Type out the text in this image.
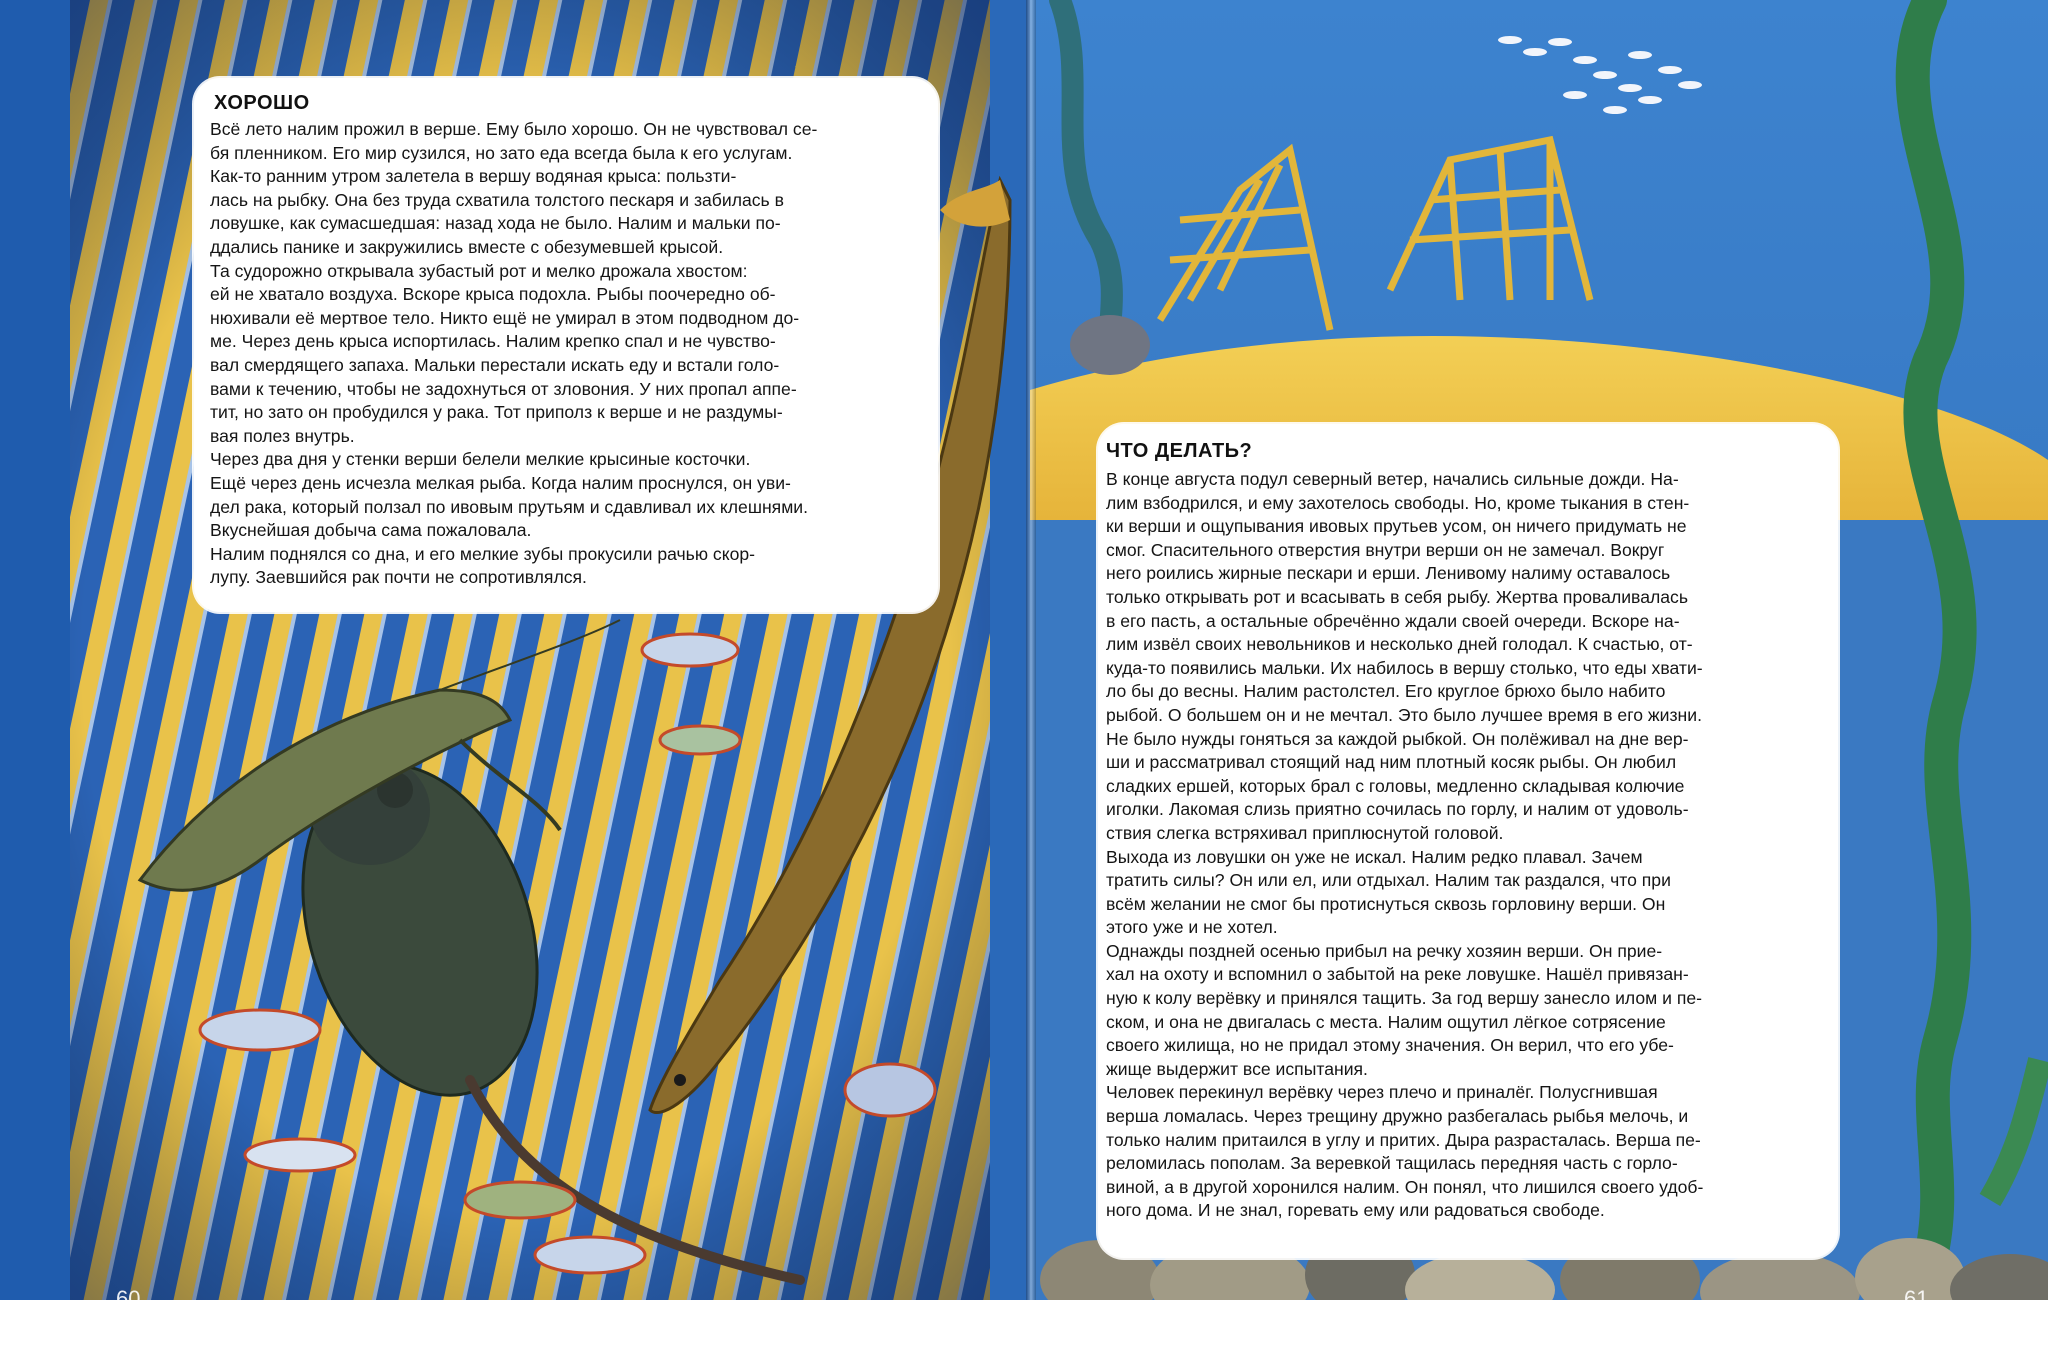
ХОРОШО
Всё лето налим прожил в верше. Ему было хорошо. Он не чувствовал се-
бя пленником. Его мир сузился, но зато еда всегда была к его услугам.
Как-то ранним утром залетела в вершу водяная крыса: пользти-
лась на рыбку. Она без труда схватила толстого пескаря и забилась в
ловушке, как сумасшедшая: назад хода не было. Налим и мальки по-
ддались панике и закружились вместе с обезумевшей крысой.
Та судорожно открывала зубастый рот и мелко дрожала хвостом:
ей не хватало воздуха. Вскоре крыса подохла. Рыбы поочередно об-
нюхивали её мертвое тело. Никто ещё не умирал в этом подводном до-
ме. Через день крыса испортилась. Налим крепко спал и не чувство-
вал смердящего запаха. Мальки перестали искать еду и встали голо-
вами к течению, чтобы не задохнуться от зловония. У них пропал аппе-
тит, но зато он пробудился у рака. Тот приполз к верше и не раздумы-
вая полез внутрь.
Через два дня у стенки верши белели мелкие крысиные косточки.
Ещё через день исчезла мелкая рыба. Когда налим проснулся, он уви-
дел рака, который ползал по ивовым прутьям и сдавливал их клешнями.
Вкуснейшая добыча сама пожаловала.
Налим поднялся со дна, и его мелкие зубы прокусили рачью скор-
лупу. Заевшийся рак почти не сопротивлялся.
ЧТО ДЕЛАТЬ?
В конце августа подул северный ветер, начались сильные дожди. На-
лим взбодрился, и ему захотелось свободы. Но, кроме тыкания в стен-
ки верши и ощупывания ивовых прутьев усом, он ничего придумать не
смог. Спасительного отверстия внутри верши он не замечал. Вокруг
него роились жирные пескари и ерши. Ленивому налиму оставалось
только открывать рот и всасывать в себя рыбу. Жертва проваливалась
в его пасть, а остальные обречённо ждали своей очереди. Вскоре на-
лим извёл своих невольников и несколько дней голодал. К счастью, от-
куда-то появились мальки. Их набилось в вершу столько, что еды хвати-
ло бы до весны. Налим растолстел. Его круглое брюхо было набито
рыбой. О большем он и не мечтал. Это было лучшее время в его жизни.
Не было нужды гоняться за каждой рыбкой. Он полёживал на дне вер-
ши и рассматривал стоящий над ним плотный косяк рыбы. Он любил
сладких ершей, которых брал с головы, медленно складывая колючие
иголки. Лакомая слизь приятно сочилась по горлу, и налим от удоволь-
ствия слегка встряхивал приплюснутой головой.
Выхода из ловушки он уже не искал. Налим редко плавал. Зачем
тратить силы? Он или ел, или отдыхал. Налим так раздался, что при
всём желании не смог бы протиснуться сквозь горловину верши. Он
этого уже и не хотел.
Однажды поздней осенью прибыл на речку хозяин верши. Он прие-
хал на охоту и вспомнил о забытой на реке ловушке. Нашёл привязан-
ную к колу верёвку и принялся тащить. За год вершу занесло илом и пе-
ском, и она не двигалась с места. Налим ощутил лёгкое сотрясение
своего жилища, но не придал этому значения. Он верил, что его убе-
жище выдержит все испытания.
Человек перекинул верёвку через плечо и приналёг. Полусгнившая
верша ломалась. Через трещину дружно разбегалась рыбья мелочь, и
только налим притаился в углу и притих. Дыра разрасталась. Верша пе-
реломилась пополам. За веревкой тащилась передняя часть с горло-
виной, а в другой хоронился налим. Он понял, что лишился своего удоб-
ного дома. И не знал, горевать ему или радоваться свободе.
60	61
